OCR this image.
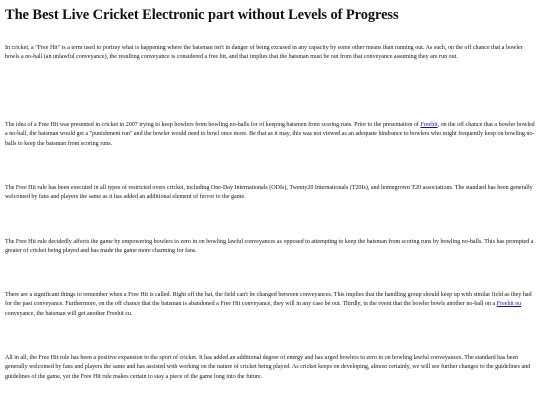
The Best Live Cricket Electronic part without Levels of Progress

In cricket, a "Free Hit" is a term used to portray what is happening where the batsman isn't in danger of being excused in any capacity by some other means than running out. As such, on the off chance that a bowler bowls a no-ball (an unlawful conveyance), the resulting conveyance is considered a free hit, and that implies that the batsman must be out from that conveyance assuming they are run out.

The idea of a Free Hit was presented in cricket in 2007 trying to keep bowlers from bowling no-balls for of keeping batsmen from scoring runs. Prior to the presentation of Freehit, on the off chance that a bowler bowled a no-ball, the batsman would get a "punishment run" and the bowler would need to bowl once more. Be that as it may, this was not viewed as an adequate hindrance to bowlers who might frequently keep on bowling no-balls to keep the batsman from scoring runs.

The Free Hit rule has been executed in all types of restricted overs cricket, including One-Day Internationals (ODIs), Twenty20 Internationals (T20Is), and homegrown T20 associations. The standard has been generally welcomed by fans and players the same as it has added an additional element of fervor to the game.

The Free Hit rule decidedly affects the game by empowering bowlers to zero in on bowling lawful conveyances as opposed to attempting to keep the batsman from scoring runs by bowling no-balls. This has prompted a greater of cricket being played and has made the game more charming for fans.

There are a significant things to remember when a Free Hit is called. Right off the bat, the field can't be changed between conveyances. This implies that the handling group should keep up with similar field as they had for the past conveyance. Furthermore, on the off chance that the batsman is abandoned a Free Hit conveyance, they will in any case be out. Thirdly, in the event that the bowler bowls another no-ball on a Freehit eu conveyance, the batsman will get another Freehit cu.

All in all, the Free Hit rule has been a positive expansion to the sport of cricket. It has added an additional degree of energy and has urged bowlers to zero in on bowling lawful conveyances. The standard has been generally welcomed by fans and players the same and has assisted with working on the nature of cricket being played. As cricket keeps on developing, almost certainly, we will see further changes to the guidelines and guidelines of the game, yet the Free Hit rule makes certain to stay a piece of the game long into the future.
